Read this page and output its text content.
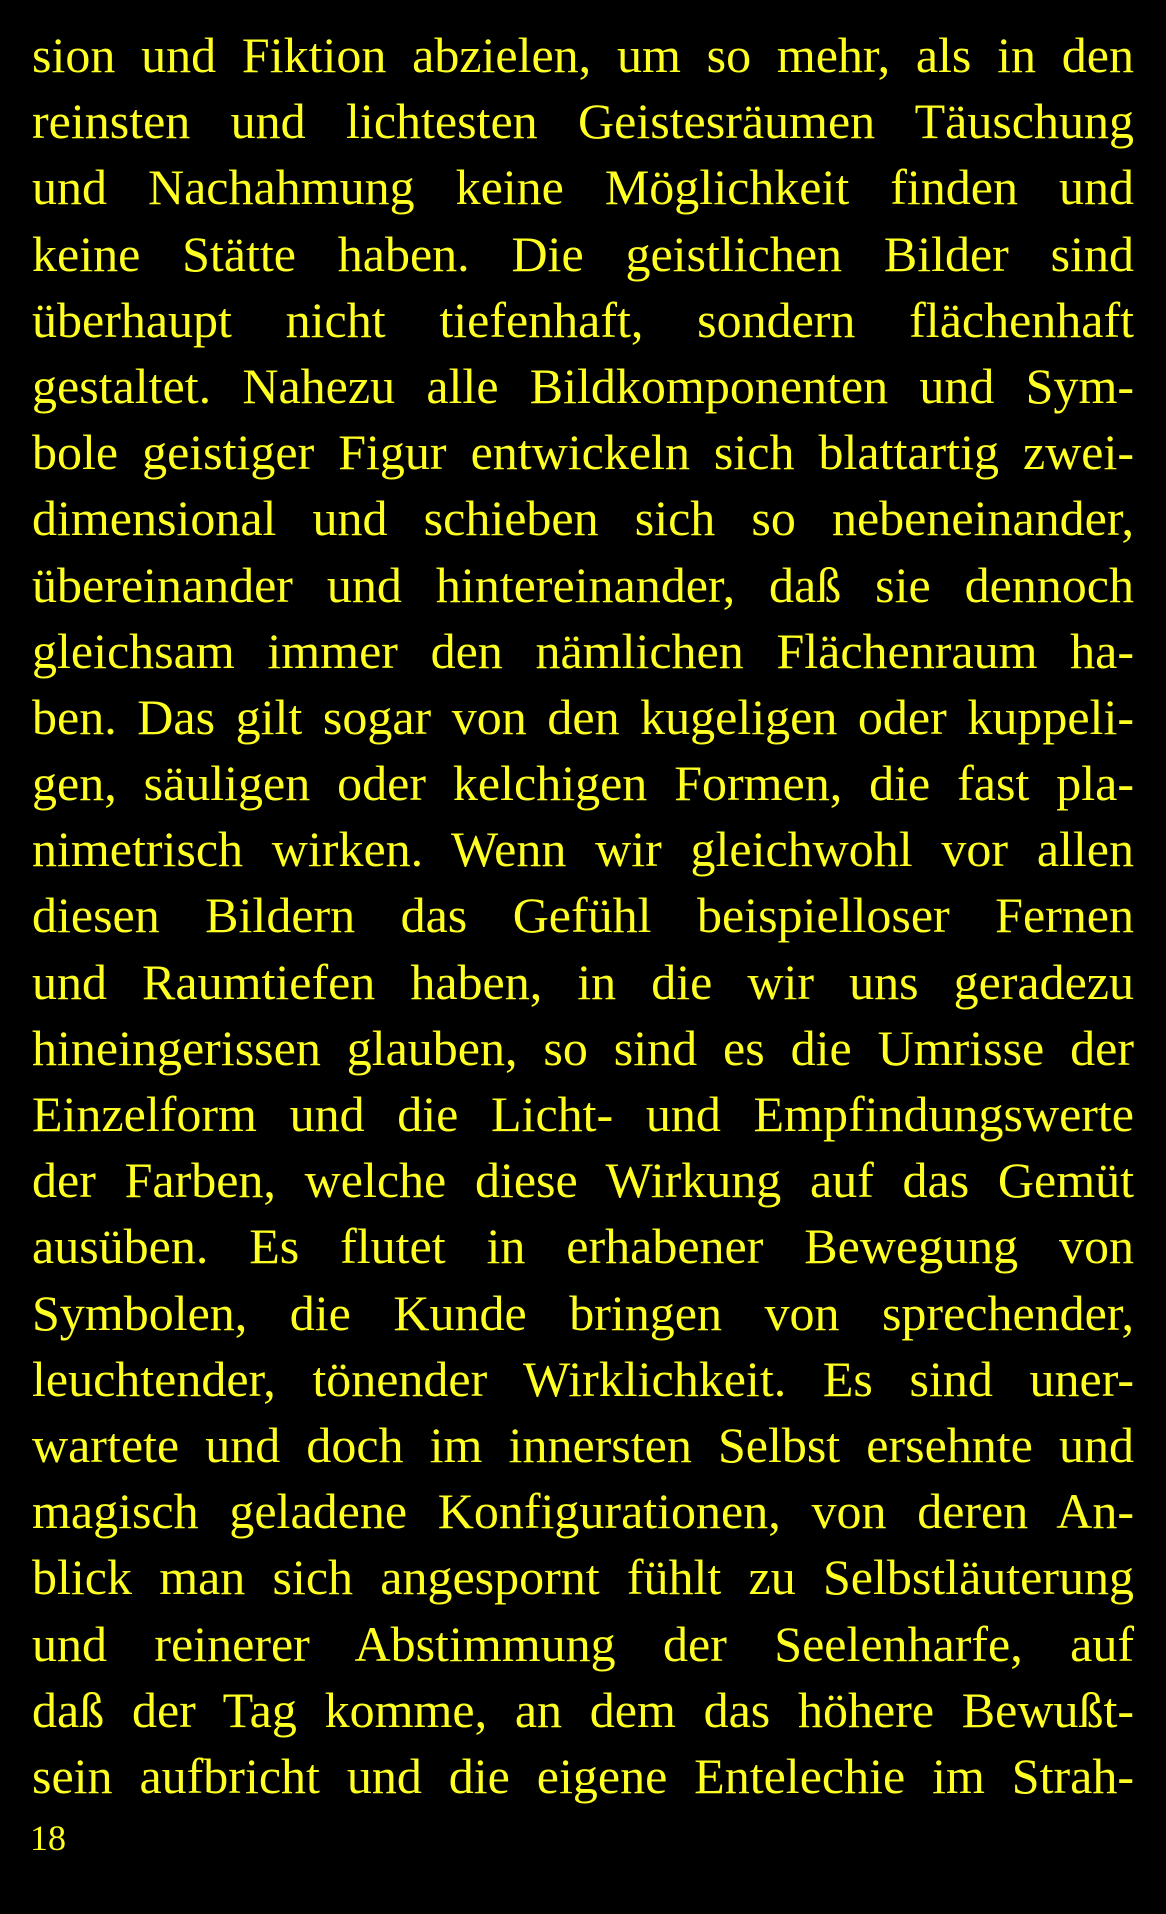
sion und Fiktion abzielen, um so mehr, als in den
reinsten und lichtesten Geistesräumen Täuschung
und Nachahmung keine Möglichkeit finden und
keine Stätte haben. Die geistlichen Bilder sind
überhaupt nicht tiefenhaft, sondern flächenhaft
gestaltet. Nahezu alle Bildkomponenten und Sym-
bole geistiger Figur entwickeln sich blattartig zwei-
dimensional und schieben sich so nebeneinander,
übereinander und hintereinander, daß sie dennoch
gleichsam immer den nämlichen Flächenraum ha-
ben. Das gilt sogar von den kugeligen oder kuppeli-
gen, säuligen oder kelchigen Formen, die fast pla-
nimetrisch wirken. Wenn wir gleichwohl vor allen
diesen Bildern das Gefühl beispielloser Fernen
und Raumtiefen haben, in die wir uns geradezu
hineingerissen glauben, so sind es die Umrisse der
Einzelform und die Licht- und Empfindungswerte
der Farben, welche diese Wirkung auf das Gemüt
ausüben. Es flutet in erhabener Bewegung von
Symbolen, die Kunde bringen von sprechender,
leuchtender, tönender Wirklichkeit. Es sind uner-
wartete und doch im innersten Selbst ersehnte und
magisch geladene Konfigurationen, von deren An-
blick man sich angespornt fühlt zu Selbstläuterung
und reinerer Abstimmung der Seelenharfe, auf
daß der Tag komme, an dem das höhere Bewußt-
sein aufbricht und die eigene Entelechie im Strah-
18
